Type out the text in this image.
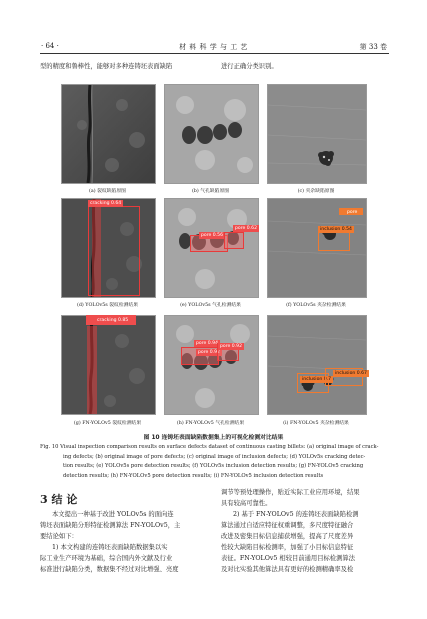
· 64 ·	材 料 科 学 与 工 艺	第 33 卷
型的精度和鲁棒性，能够对多种连铸坯表面缺陷	进行正确分类识别。
(a) 裂纹缺陷原图	(b) 气孔缺陷原图	(c) 夹杂缺陷原图
cracking 0.64
pore 0.56
pore 0.62
pore
inclusion 0.54
(d) YOLOv5s 裂纹检测结果	(e) YOLOv5s 气孔检测结果	(f) YOLOv5s 夹杂检测结果
cracking 0.85
pore 0.94
pore 0.92
pore 0.92
inclusion 0.7
inclusion 0.67
(g) FN-YOLOv5 裂纹检测结果	(h) FN-YOLOv5 气孔检测结果	(i) FN-YOLOv5 夹杂检测结果
图 10 连铸坯表面缺陷数据集上的可视化检测对比结果
Fig. 10 Visual inspection comparison results on surface defects dataset of continuous casting billets: (a) original image of crack-
ing defects; (b) original image of pore defects; (c) original image of inclusion defects; (d) YOLOv5s cracking detec-
tion results; (e) YOLOv5s pore detection results; (f) YOLOv5s inclusion detection results; (g) FN-YOLOv5 cracking
detection results; (h) FN-YOLOv5 pore detection results; (i) FN-YOLOv5 inclusion detection results
3 结 论
本文提出一种基于改进 YOLOv5s 的面向连
铸坯表面缺陷分形特征检测算法 FN-YOLOv5，主
要结论如下：
1) 本文构建的连铸坯表面缺陷数据集以实
际工业生产环境为基础，综合国内外文献及行业
标准进行缺陷分类，数据集不经过对比增强、亮度
调节等预处理操作，贴近实际工业应用环境，结果
具有较高可靠性。
2) 基于 FN-YOLOv5 的连铸坯表面缺陷检测
算法通过自适应特征权重调整，多尺度特征融合
改进及密集目标信息捕获增强，提高了尺度差异
性较大缺陷目标检测率，加强了小目标信息特征
表征。FN-YOLOv5 相较目前通用目标检测算法
及对比实验其他算法具有更好的检测精确率及检
